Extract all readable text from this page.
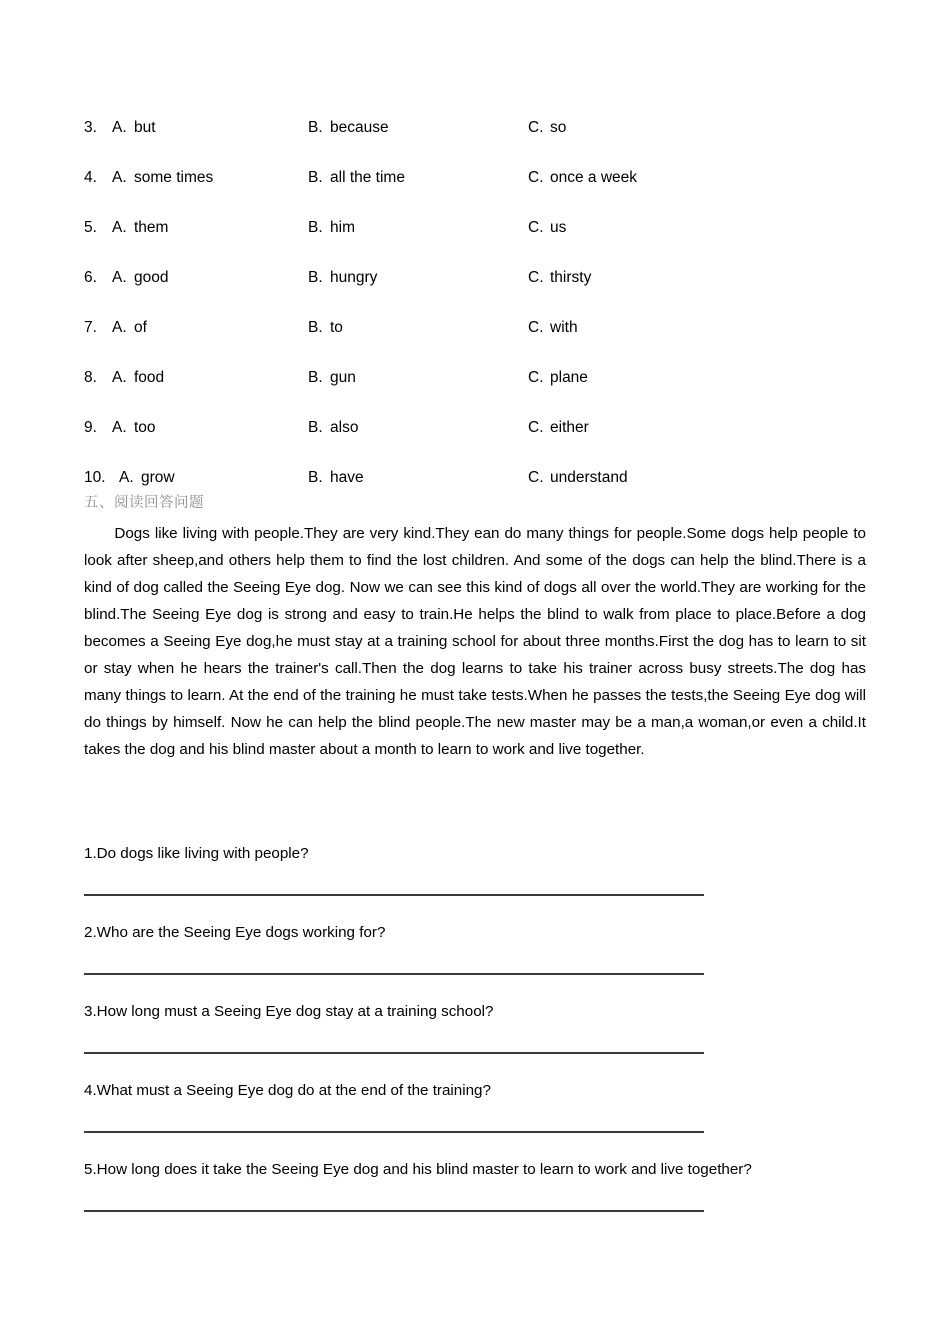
3. A. but	B. because	C. so
4. A. some times	B. all the time	C. once a week
5. A. them	B. him	C. us
6. A. good	B. hungry	C. thirsty
7. A. of	B. to	C. with
8. A. food	B. gun	C. plane
9. A. too	B. also	C. either
10. A. grow	B. have	C. understand
五、阅读回答问题
Dogs like living with people.They are very kind.They ean do many things for people.Some dogs help people to look after sheep,and others help them to find the lost children. And some of the dogs can help the blind.There is a kind of dog called the Seeing Eye dog. Now we can see this kind of dogs all over the world.They are working for the blind.The Seeing Eye dog is strong and easy to train.He helps the blind to walk from place to place.Before a dog becomes a Seeing Eye dog,he must stay at a training school for about three months.First the dog has to learn to sit or stay when he hears the trainer's call.Then the dog learns to take his trainer across busy streets.The dog has many things to learn. At the end of the training he must take tests.When he passes the tests,the Seeing Eye dog will do things by himself. Now he can help the blind people.The new master may be a man,a woman,or even a child.It takes the dog and his blind master about a month to learn to work and live together.
1.Do dogs like living with people?
2.Who are the Seeing Eye dogs working for?
3.How long must a Seeing Eye dog stay at a training school?
4.What must a Seeing Eye dog do at the end of the training?
5.How long does it take the Seeing Eye dog and his blind master to learn to work and live together?
